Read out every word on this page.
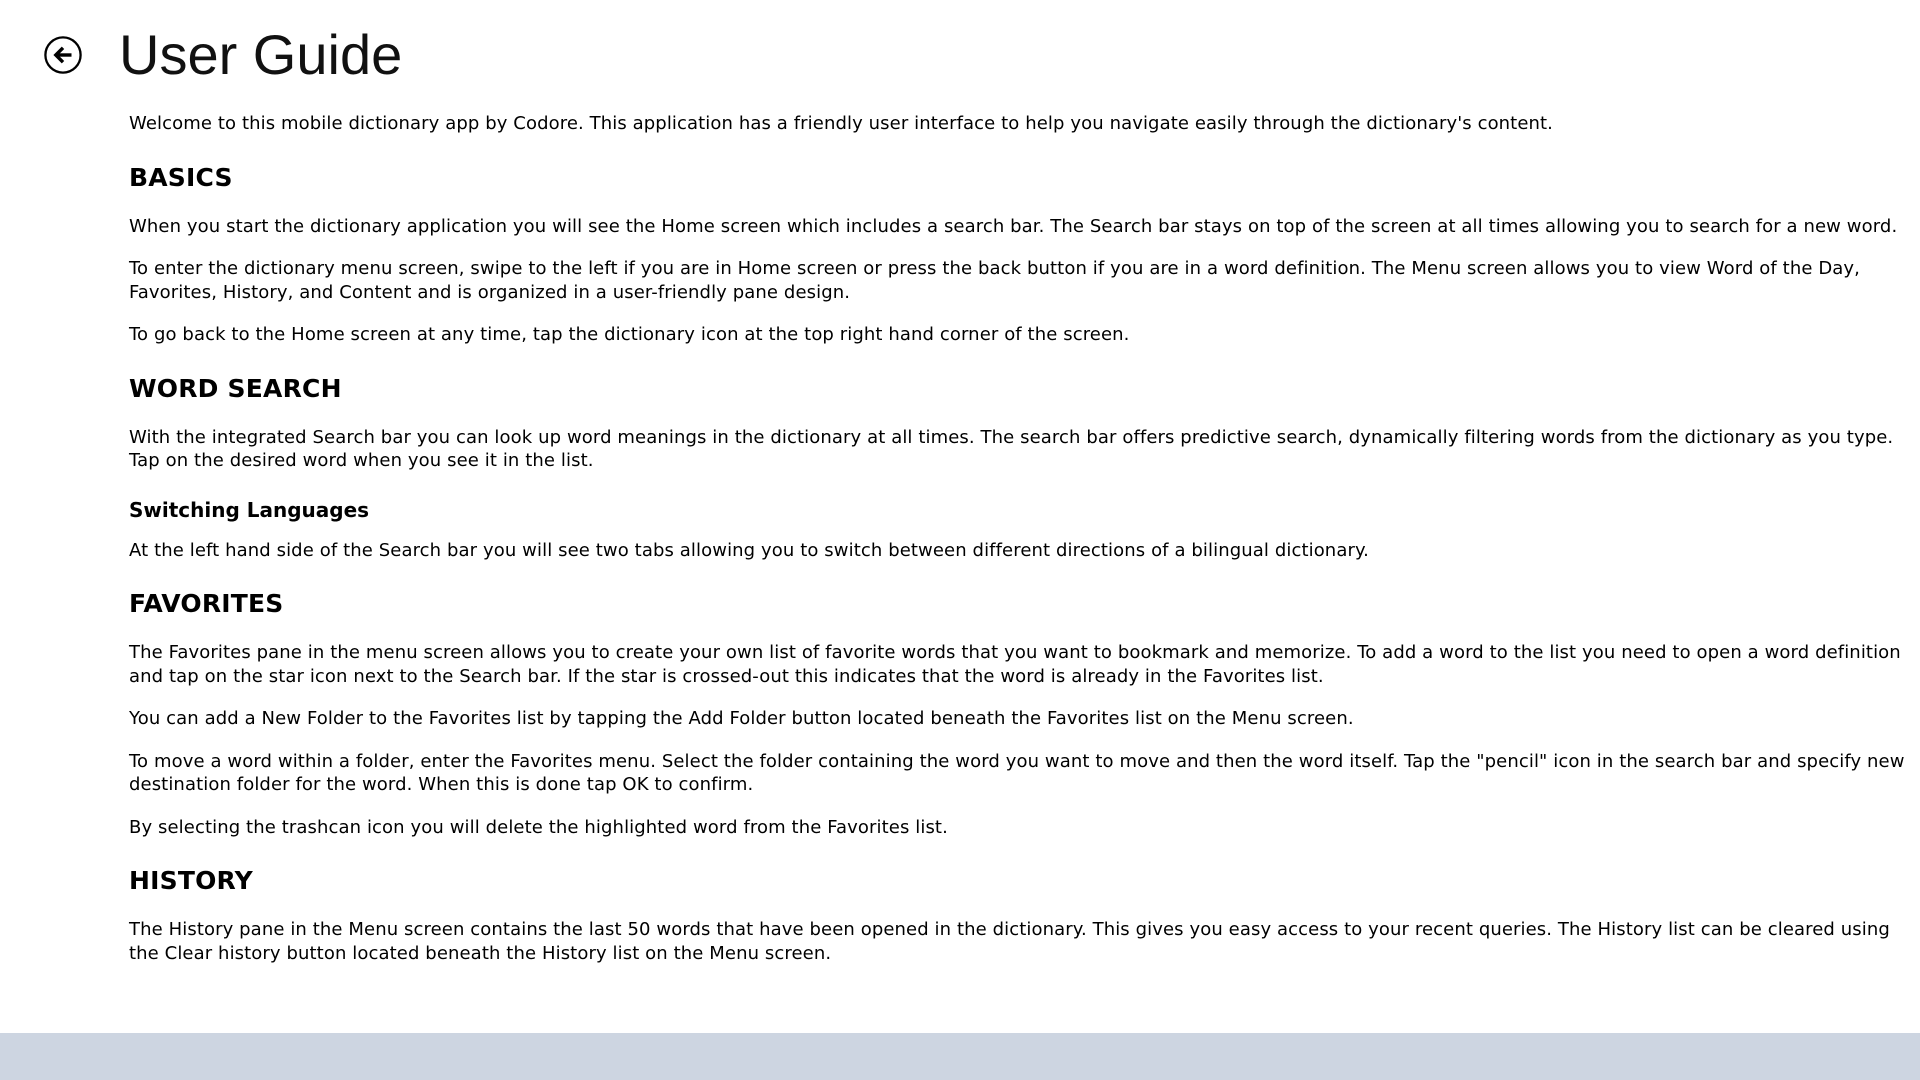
User Guide

Welcome to this mobile dictionary app by Codore. This application has a friendly user interface to help you navigate easily through the dictionary's content.

BASICS

When you start the dictionary application you will see the Home screen which includes a search bar. The Search bar stays on top of the screen at all times allowing you to search for a new word.

To enter the dictionary menu screen, swipe to the left if you are in Home screen or press the back button if you are in a word definition. The Menu screen allows you to view Word of the Day, Favorites, History, and Content and is organized in a user-friendly pane design.

To go back to the Home screen at any time, tap the dictionary icon at the top right hand corner of the screen.

WORD SEARCH

With the integrated Search bar you can look up word meanings in the dictionary at all times. The search bar offers predictive search, dynamically filtering words from the dictionary as you type. Tap on the desired word when you see it in the list.

Switching Languages

At the left hand side of the Search bar you will see two tabs allowing you to switch between different directions of a bilingual dictionary.

FAVORITES

The Favorites pane in the menu screen allows you to create your own list of favorite words that you want to bookmark and memorize. To add a word to the list you need to open a word definition and tap on the star icon next to the Search bar. If the star is crossed-out this indicates that the word is already in the Favorites list.

You can add a New Folder to the Favorites list by tapping the Add Folder button located beneath the Favorites list on the Menu screen.

To move a word within a folder, enter the Favorites menu. Select the folder containing the word you want to move and then the word itself. Tap the "pencil" icon in the search bar and specify new destination folder for the word. When this is done tap OK to confirm.

By selecting the trashcan icon you will delete the highlighted word from the Favorites list.

HISTORY

The History pane in the Menu screen contains the last 50 words that have been opened in the dictionary. This gives you easy access to your recent queries. The History list can be cleared using the Clear history button located beneath the History list on the Menu screen.
